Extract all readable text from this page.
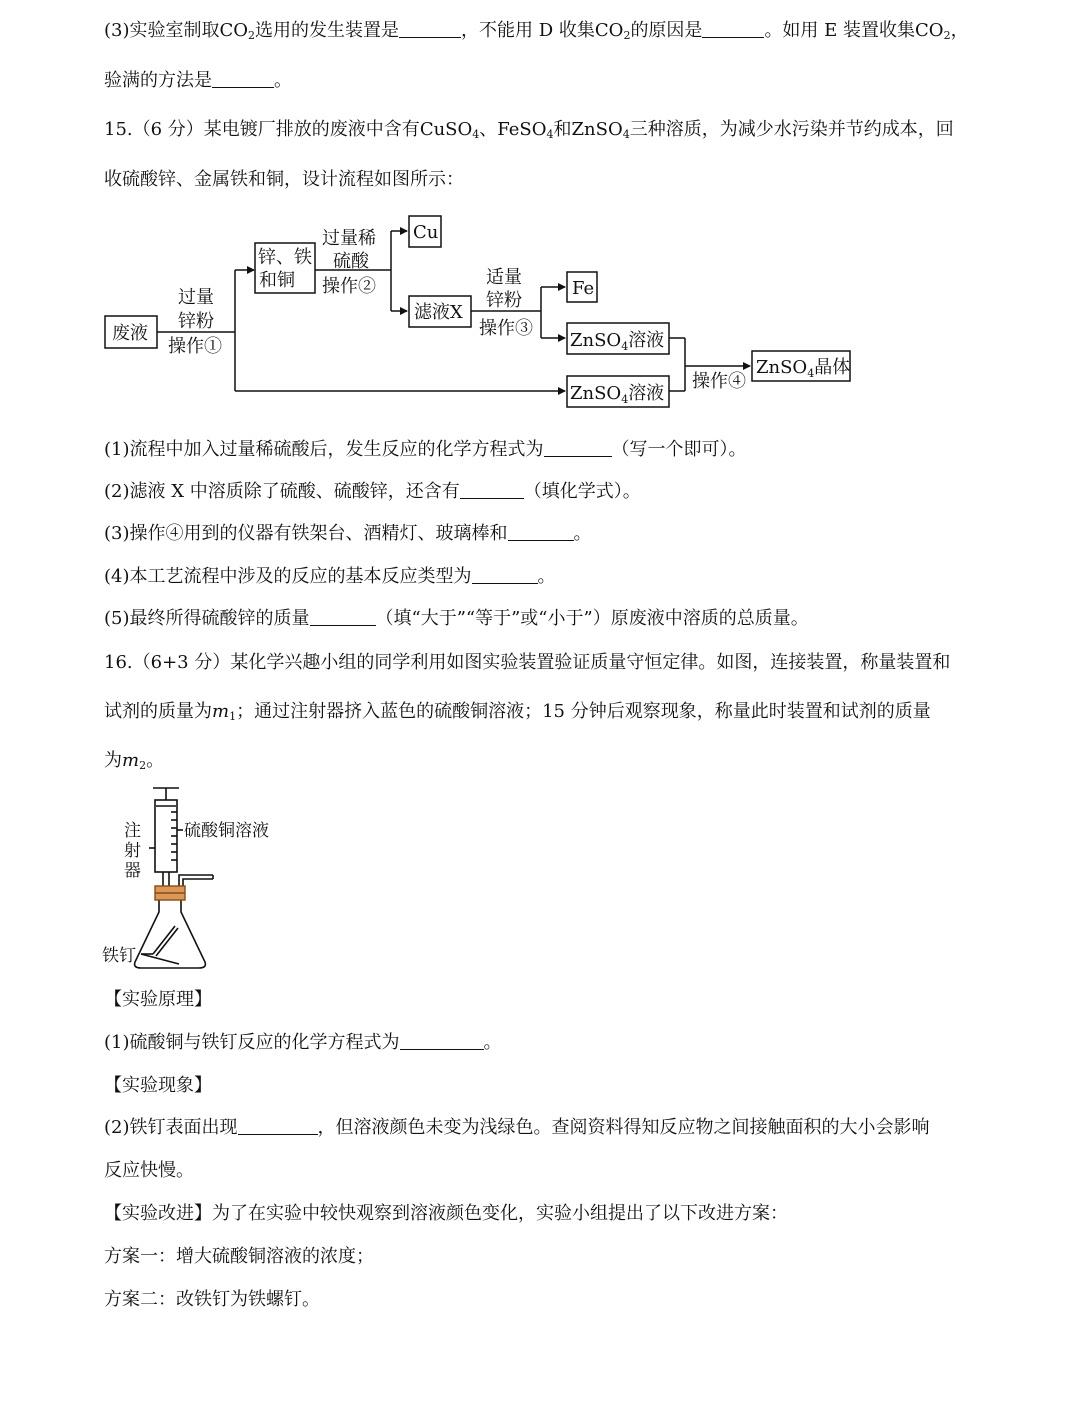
(3)实验室制取$CO_2$选用的发生装置是	，不能用 D 收集$CO_2$的原因是	。如用 E 装置收集$CO_2$，
验满的方法是	。
15.（6 分）某电镀厂排放的废液中含有CuSO$_4$、FeSO$_4$和ZnSO$_4$三种溶质，为减少水污染并节约成本，回
收硫酸锌、金属铁和铜，设计流程如图所示：
废液
过量
锌粉
操作①
锌、铁
和铜
过量稀
硫酸
操作②
Cu
滤液X
适量
锌粉
操作③
Fe
ZnSO$_4$溶液
ZnSO$_4$溶液
操作④
ZnSO$_4$晶体
(1)流程中加入过量稀硫酸后，发生反应的化学方程式为	（写一个即可）。
(2)滤液 X 中溶质除了硫酸、硫酸锌，还含有	（填化学式）。
(3)操作④用到的仪器有铁架台、酒精灯、玻璃棒和	。
(4)本工艺流程中涉及的反应的基本反应类型为	。
(5)最终所得硫酸锌的质量	（填“大于”“等于”或“小于”）原废液中溶质的总质量。
16.（6+3 分）某化学兴趣小组的同学利用如图实验装置验证质量守恒定律。如图，连接装置，称量装置和
试剂的质量为$m_1$；通过注射器挤入蓝色的硫酸铜溶液；15 分钟后观察现象，称量此时装置和试剂的质量
为$m_2$。
注
射
器
硫酸铜溶液
铁钉
【实验原理】
(1)硫酸铜与铁钉反应的化学方程式为	。
【实验现象】
(2)铁钉表面出现	，但溶液颜色未变为浅绿色。查阅资料得知反应物之间接触面积的大小会影响
反应快慢。
【实验改进】为了在实验中较快观察到溶液颜色变化，实验小组提出了以下改进方案：
方案一：增大硫酸铜溶液的浓度；
方案二：改铁钉为铁螺钉。
